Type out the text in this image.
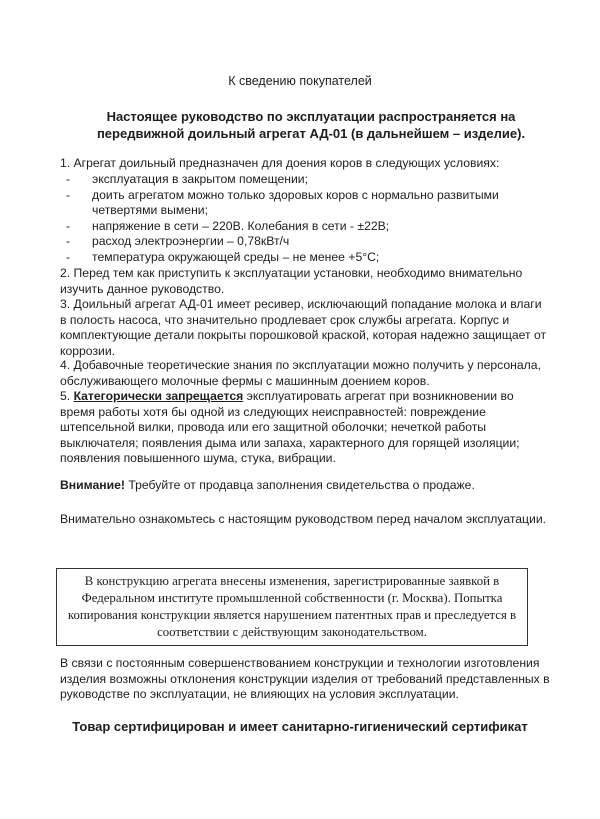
К сведению покупателей

Настоящее руководство по эксплуатации распространяется на передвижной доильный агрегат АД-01 (в дальнейшем – изделие).

1. Агрегат доильный предназначен для доения коров в следующих условиях:

- эксплуатация в закрытом помещении;
- доить агрегатом можно только здоровых коров с нормально развитыми четвертями вымени;
- напряжение в сети – 220В. Колебания в сети - ±22В;
- расход электроэнергии – 0,78кВт/ч
- температура окружающей среды – не менее +5°С;

2. Перед тем как приступить к эксплуатации установки, необходимо внимательно изучить данное руководство.

3. Доильный агрегат АД-01 имеет ресивер, исключающий попадание молока и влаги в полость насоса, что значительно продлевает срок службы агрегата. Корпус и комплектующие детали покрыты порошковой краской, которая надежно защищает от коррозии.

4. Добавочные теоретические знания по эксплуатации можно получить у персонала, обслуживающего молочные фермы с машинным доением коров.

5. Категорически запрещается эксплуатировать агрегат при возникновении во время работы хотя бы одной из следующих неисправностей: повреждение штепсельной вилки, провода или его защитной оболочки; нечеткой работы выключателя; появления дыма или запаха, характерного для горящей изоляции; появления повышенного шума, стука, вибрации.

Внимание! Требуйте от продавца заполнения свидетельства о продаже.

Внимательно ознакомьтесь с настоящим руководством перед началом эксплуатации.

В конструкцию агрегата внесены изменения, зарегистрированные заявкой в Федеральном институте промышленной собственности (г. Москва). Попытка копирования конструкции является нарушением патентных прав и преследуется в соответствии с действующим законодательством.

В связи с постоянным совершенствованием конструкции и технологии изготовления изделия возможны отклонения конструкции изделия от требований представленных в руководстве по эксплуатации, не влияющих на условия эксплуатации.

Товар сертифицирован и имеет санитарно-гигиенический сертификат
